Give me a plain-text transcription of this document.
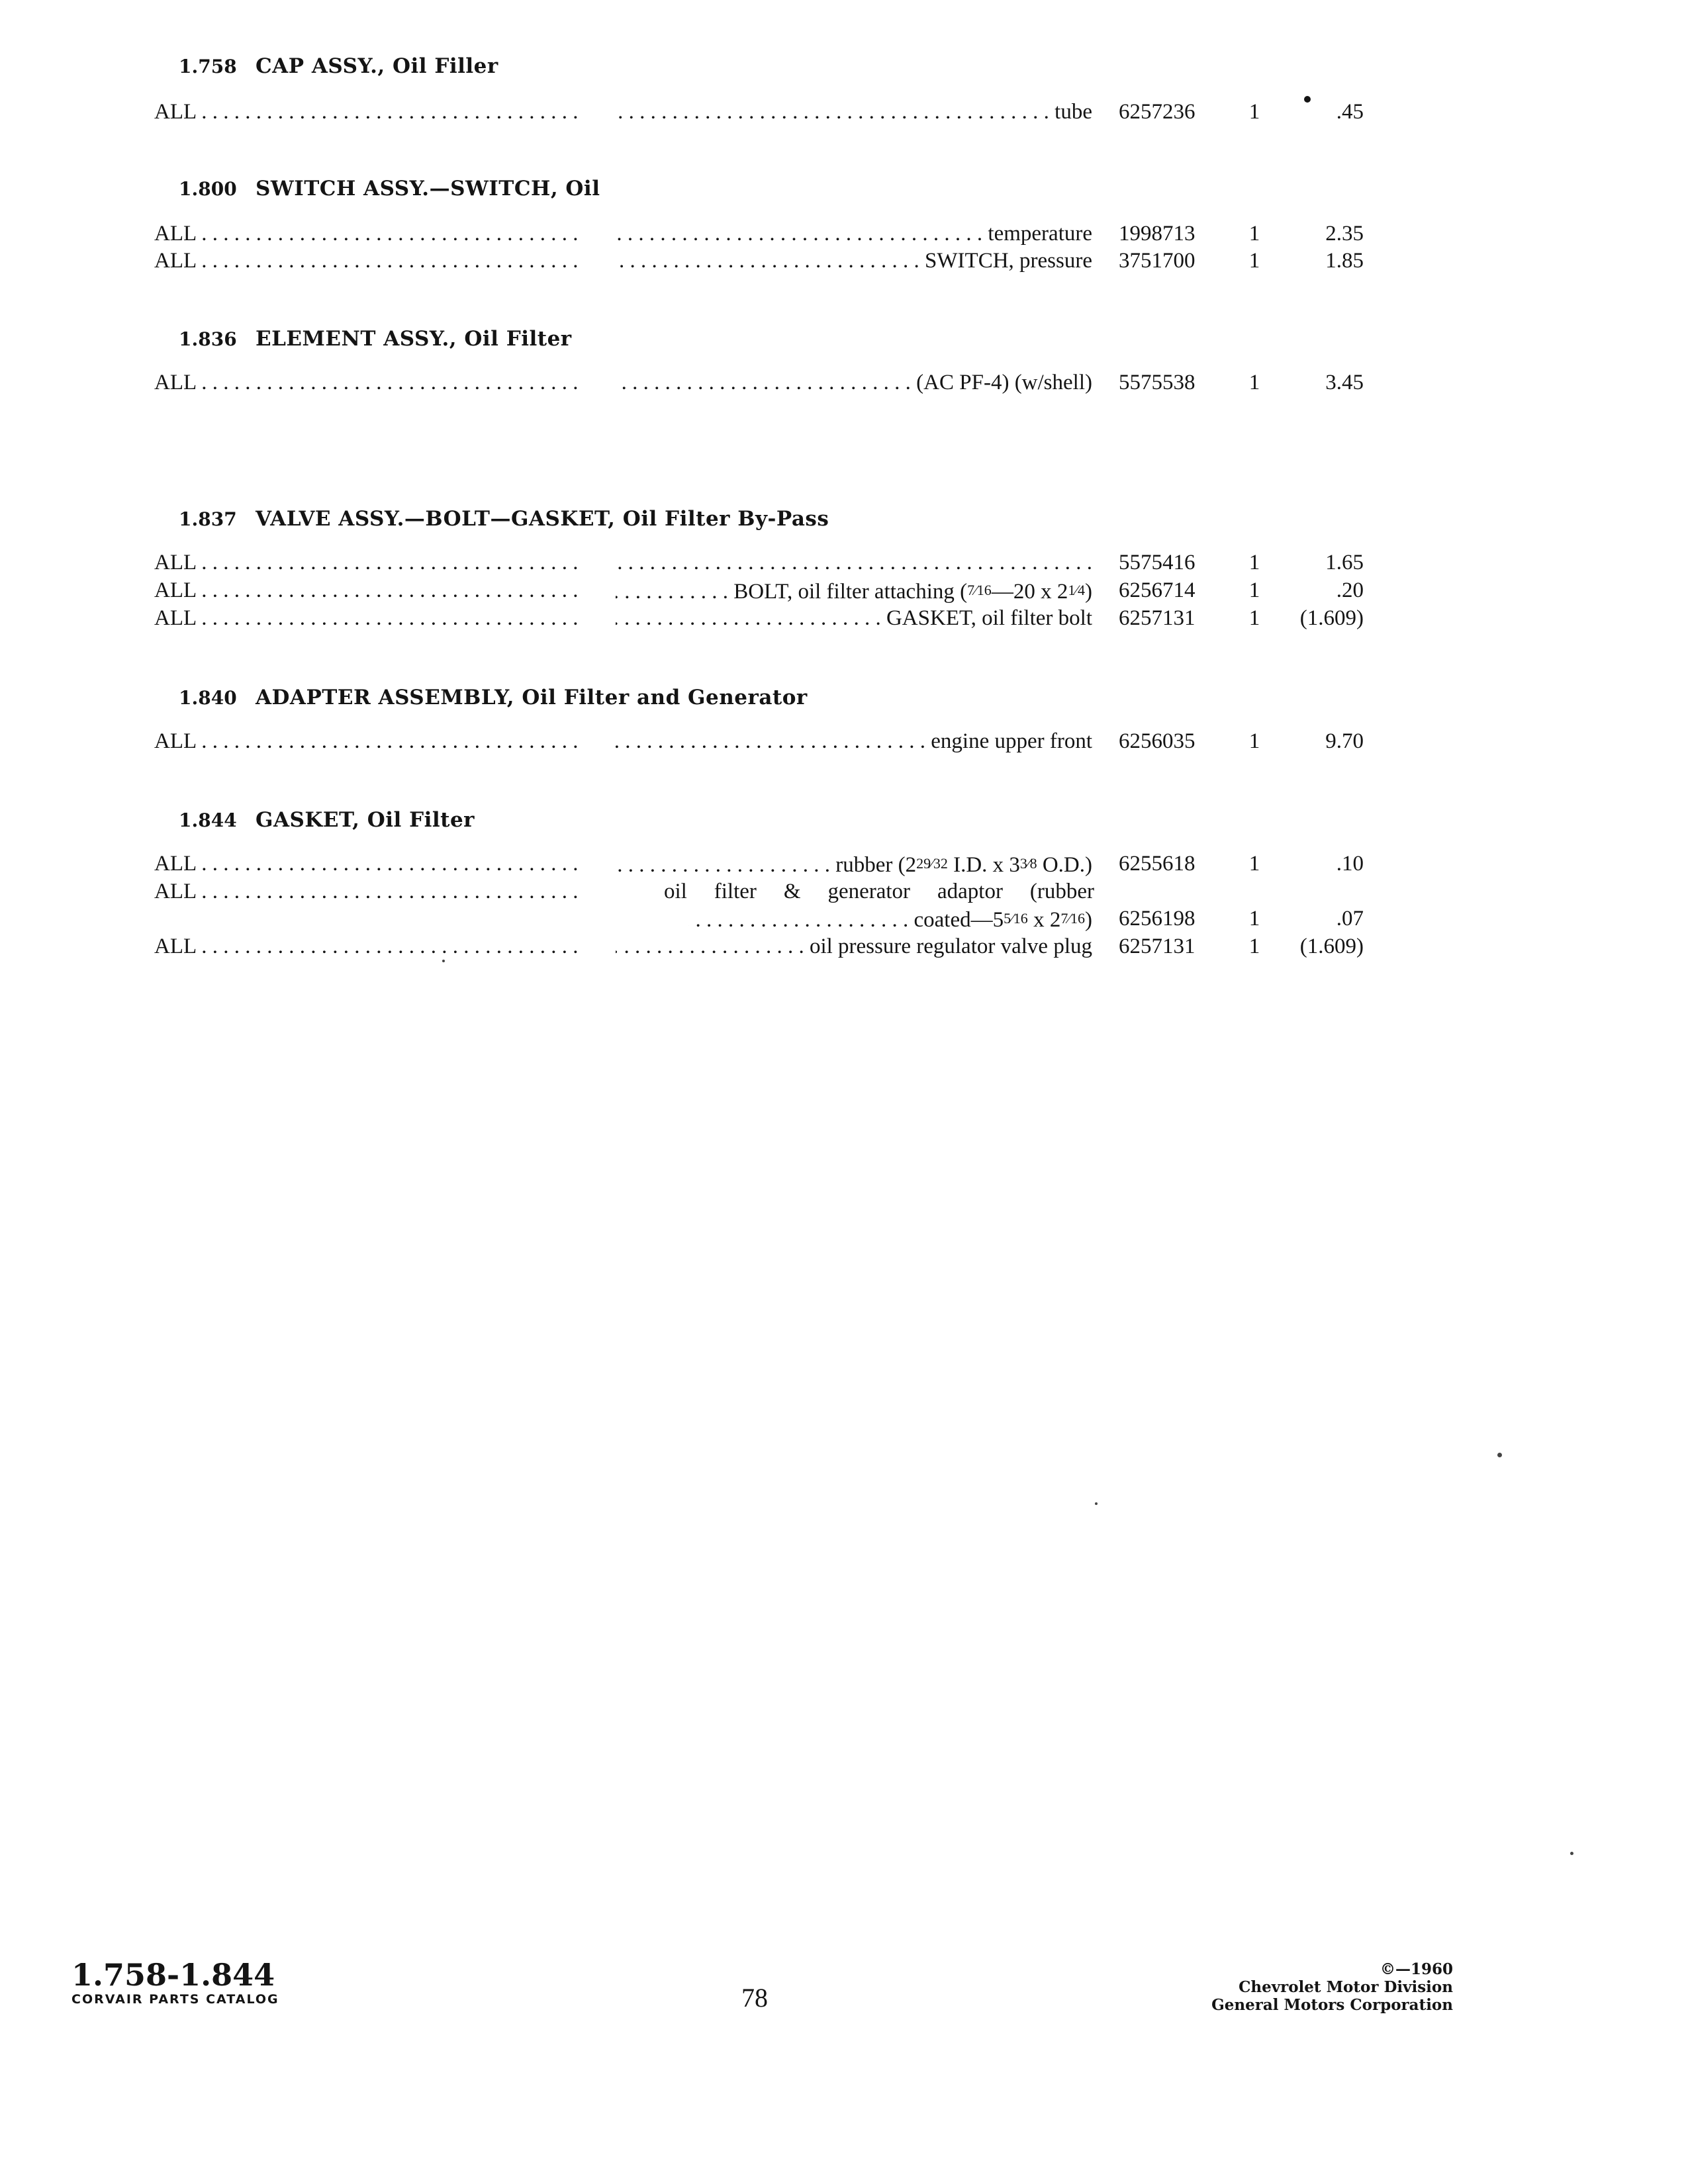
1.758 CAP ASSY., Oil Filler
ALL . . .	tube . . . 6257236	1	.45
1.800 SWITCH ASSY.—SWITCH, Oil
ALL . . .	temperature . . . 1998713	1	2.35
ALL . . .	SWITCH, pressure . . . 3751700	1	1.85
1.836 ELEMENT ASSY., Oil Filter
ALL . . .	(AC PF-4) (w/shell) . . . 5575538	1	3.45
1.837 VALVE ASSY.—BOLT—GASKET, Oil Filter By-Pass
ALL . . .
. . .	5575416	1	1.65
ALL . . .	BOLT, oil filter attaching (7⁄16—20 x 21⁄4) . . . 6256714	1	.20
ALL . . .	GASKET, oil filter bolt . . . 6257131	1	(1.609)
1.840 ADAPTER ASSEMBLY, Oil Filter and Generator
ALL . . .	engine upper front . . . 6256035	1	9.70
1.844 GASKET, Oil Filter
ALL . . .	rubber (229⁄32 I.D. x 33⁄8 O.D.) . . . 6255618	1	.10
ALL . . .	oil filter & generator adaptor (rubber
coated—55⁄16 x 27⁄16) . . . 6256198	1	.07
ALL . . .	oil pressure regulator valve plug . . . 6257131	1	(1.609)
1.758-1.844
CORVAIR PARTS CATALOG	78
©—1960
Chevrolet Motor Division
General Motors Corporation
